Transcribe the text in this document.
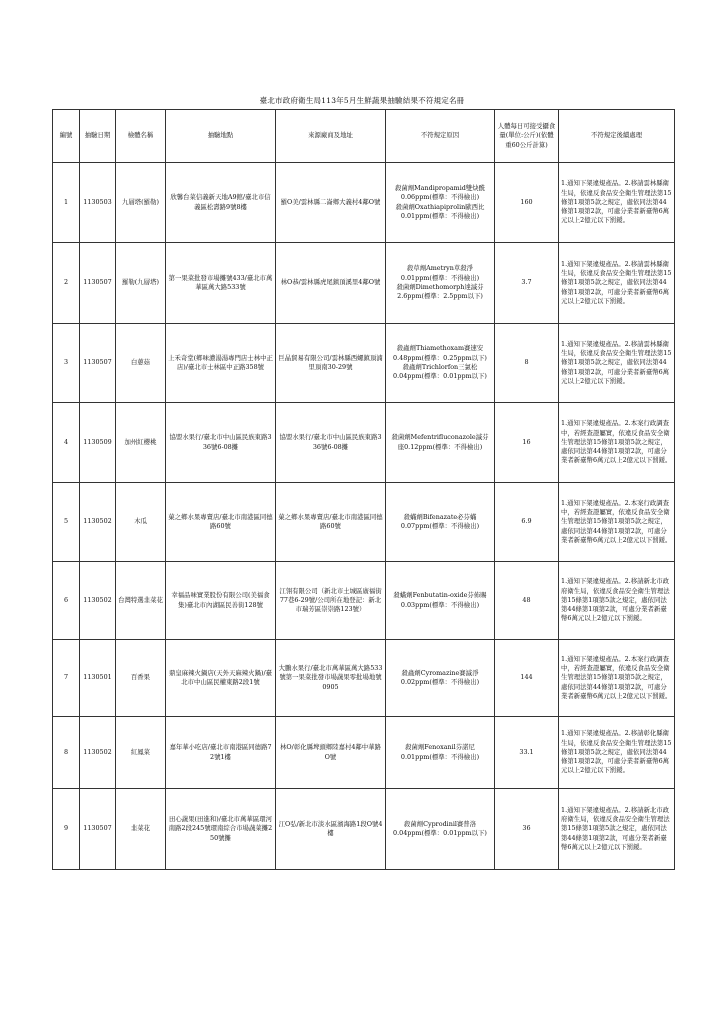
臺北市政府衛生局113年5月生鮮蔬果抽驗結果不符規定名冊
編號	抽驗日期	檢體名稱	抽驗地點	來源廠商及地址	不符規定原因	人體每日可接受攝食量(單位:公斤)(依體重60公斤計算)	不符規定後續處理
1	1130503	九層塔(羅勒)	欣馨台菜信義新天地A9館/臺北市信義區松壽路9號8樓	羅O美/雲林縣二崙鄉大義村4鄰O號	殺菌劑Mandipropamid雙炔酰
0.06ppm(標準：不得檢出)
殺菌劑Oxathiapiprolin歐西比
0.01ppm(標準：不得檢出)	160	1.通知下架違規產品。2.移請雲林縣衛生局，依違反食品安全衛生管理法第15條第1項第5款之規定，處依同法第44條第1項第2款，可處分業者新臺幣6萬元以上2億元以下罰鍰。
2	1130507	羅勒(九層塔)	第一果菜批發市場攤號433/臺北市萬華區萬大路533號	林O恭/雲林縣虎尾鎮頂溪里4鄰O號	殺草劑Ametryn草殺淨
0.01ppm(標準：不得檢出)
殺菌劑Dimethomorph達滅芬
2.6ppm(標準：2.5ppm以下)	3.7	1.通知下架違規產品。2.移請雲林縣衛生局，依違反食品安全衛生管理法第15條第1項第5款之規定，處依同法第44條第1項第2款，可處分業者新臺幣6萬元以上2億元以下罰鍰。
3	1130507	白蔥菇	上禾奇堂(鄉味濃湯湯專門店士林中正店)/臺北市士林區中正路358號	巨晶貿易有限公司/雲林縣西螺鎮頂湳里頂南30-29號	殺蟲劑Thiamethoxam賽速安
0.48ppm(標準：0.25ppm以下)
殺蟲劑Trichlorfon三氯松
0.04ppm(標準：0.01ppm以下)	8	1.通知下架違規產品。2.移請雲林縣衛生局，依違反食品安全衛生管理法第15條第1項第5款之規定，處依同法第44條第1項第2款，可處分業者新臺幣6萬元以上2億元以下罰鍰。
4	1130509	加州紅櫻桃	協盟水果行/臺北市中山區民族東路336號6-08攤	協盟水果行/臺北市中山區民族東路336號6-08攤	殺菌劑Mefentrifluconazole滅芬
座0.12ppm(標準：不得檢出)	16	1.通知下架違規產品。2.本案行政調查中，若經查證屬實，依違反食品安全衛生管理法第15條第1項第5款之規定，處依同法第44條第1項第2款，可處分業者新臺幣6萬元以上2億元以下罰鍰。
5	1130502	木瓜	菓之鄉水果專賣店/臺北市南港區同德路60號	菓之鄉水果專賣店/臺北市南港區同德路60號	殺蟎劑Bifenazate必芬蟎
0.07ppm(標準：不得檢出)	6.9	1.通知下架違規產品。2.本案行政調查中，若經查證屬實，依違反食品安全衛生管理法第15條第1項第5款之規定，處依同法第44條第1項第2款，可處分業者新臺幣6萬元以上2億元以下罰鍰。
6	1130502	台灣特選韭菜花	幸福品味實業股份有限公司(美福食集)臺北市內湖區民善街128號	江翎有限公司（新北市土城區廣福街77巷6-29號/公司所在地登記：新北市瑞芳區崇崇路123號）	殺蟎劑Fenbutatin-oxide芬佈賜
0.03ppm(標準：不得檢出)	48	1.通知下架違規產品。2.移請新北市政府衛生局，依違反食品安全衛生管理法第15條第1項第5款之規定，處依同法第44條第1項第2款，可處分業者新臺幣6萬元以上2億元以下罰鍰。
7	1130501	百香果	鼎皇麻辣火鍋店(天外天麻辣火鍋)/臺北市中山區民權東路2段1號	大鵬水果行/臺北市萬華區萬大路533號第一果菜批發市場蔬果零批場地號0905	殺蟲劑Cyromazine賽滅淨
0.02ppm(標準：不得檢出)	144	1.通知下架違規產品。2.本案行政調查中，若經查證屬實，依違反食品安全衛生管理法第15條第1項第5款之規定，處依同法第44條第1項第2款，可處分業者新臺幣6萬元以上2億元以下罰鍰。
8	1130502	紅鳳菜	嘉年華小吃店/臺北市南港區同德路72號1樓	林O/彰化縣埤頭鄉陸嘉村4鄰中華路O號	殺菌劑Fenoxanil芬諾尼
0.01ppm(標準：不得檢出)	33.1	1.通知下架違規產品。2.移請彰化縣衛生局，依違反食品安全衛生管理法第15條第1項第5款之規定，處依同法第44條第1項第2款，可處分業者新臺幣6萬元以上2億元以下罰鍰。
9	1130507	韭菜花	田心蔬果(田進和)/臺北市萬華區環河南路2段245號環南綜合市場蔬菜攤250號攤	江O弘/新北市淡水區濱海路1段O號4樓	殺菌劑Cyprodinil賽普洛
0.04ppm(標準：0.01ppm以下)	36	1.通知下架違規產品。2.移請新北市政府衛生局，依違反食品安全衛生管理法第15條第1項第5款之規定，處依同法第44條第1項第2款，可處分業者新臺幣6萬元以上2億元以下罰鍰。
